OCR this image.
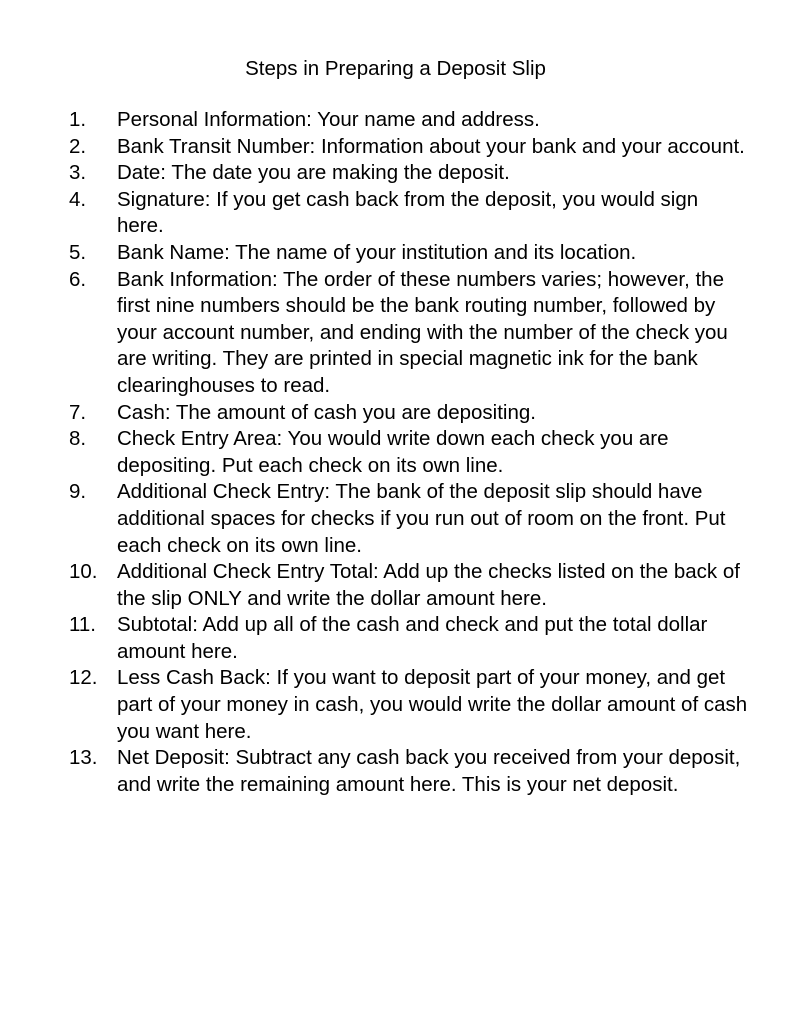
Steps in Preparing a Deposit Slip
1.	Personal Information: Your name and address.
2.	Bank Transit Number: Information about your bank and your account.
3.	Date: The date you are making the deposit.
4.	Signature: If you get cash back from the deposit, you would sign here.
5.	Bank Name: The name of your institution and its location.
6.	Bank Information: The order of these numbers varies; however, the first nine numbers should be the bank routing number, followed by your account number, and ending with the number of the check you are writing. They are printed in special magnetic ink for the bank clearinghouses to read.
7.	Cash: The amount of cash you are depositing.
8.	Check Entry Area: You would write down each check you are depositing. Put each check on its own line.
9.	Additional Check Entry: The bank of the deposit slip should have additional spaces for checks if you run out of room on the front. Put each check on its own line.
10. Additional Check Entry Total: Add up the checks listed on the back of the slip ONLY and write the dollar amount here.
11.	Subtotal: Add up all of the cash and check and put the total dollar amount here.
12. Less Cash Back: If you want to deposit part of your money, and get part of your money in cash, you would write the dollar amount of cash you want here.
13. Net Deposit: Subtract any cash back you received from your deposit, and write the remaining amount here. This is your net deposit.
